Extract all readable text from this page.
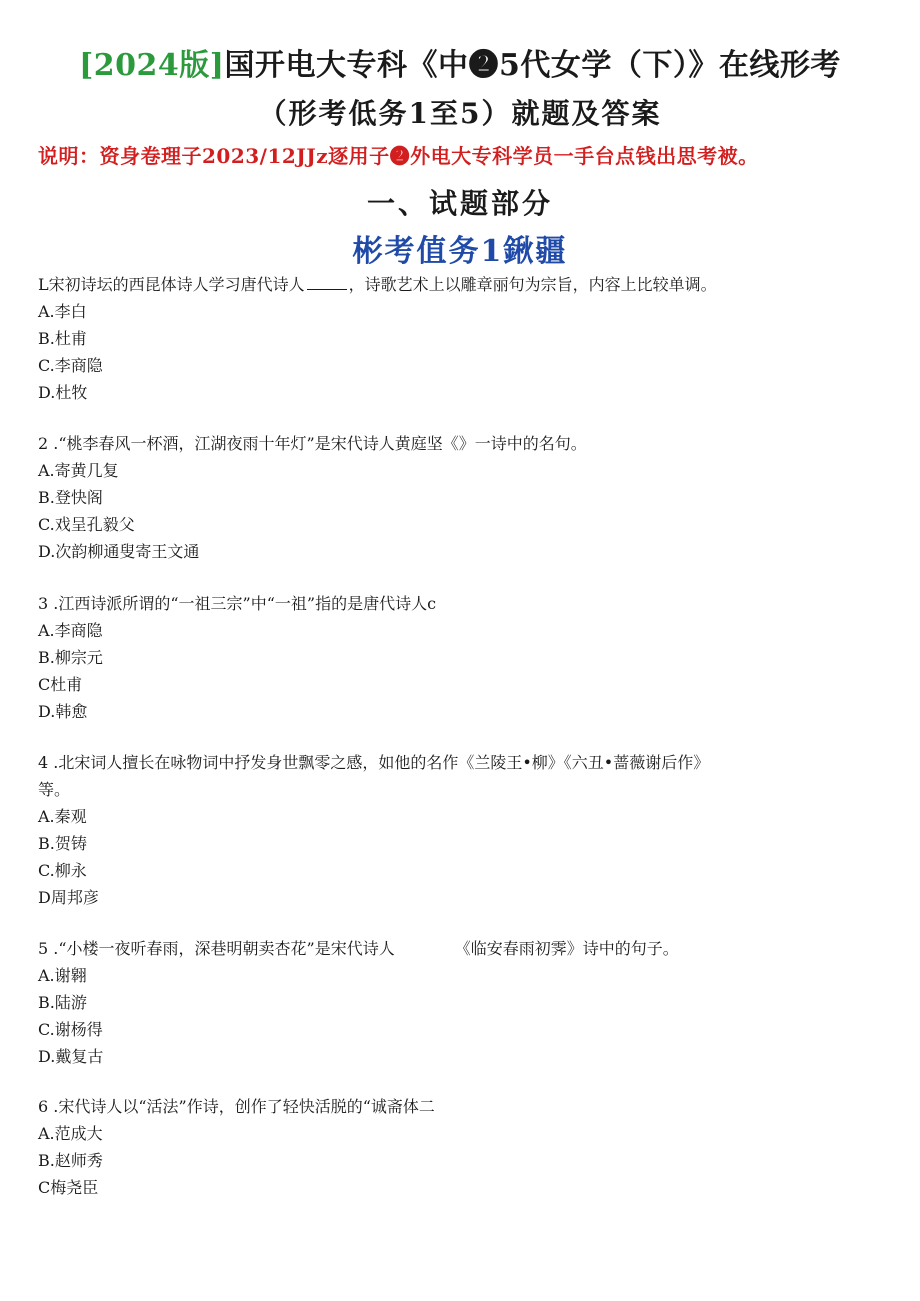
[2024版]国开电大专科《中❷5代女学（下）》在线形考
（形考低务1至5）就题及答案
说明：资身卷理子2023/12JJz逐用子❷外电大专科学员一手台点钱出思考被。
一、试题部分
彬考值务1鍬疆
L宋初诗坛的西昆体诗人学习唐代诗人	，诗歌艺术上以雕章丽句为宗旨，内容上比较单调。
A.李白
B.杜甫
C.李商隐
D.杜牧
2 .“桃李春风一杯酒，江湖夜雨十年灯”是宋代诗人黄庭坚《》一诗中的名句。
A.寄黄几复
B.登快阁
C.戏呈孔毅父
D.次韵柳通叟寄王文通
3 .江西诗派所谓的“一祖三宗”中“一祖”指的是唐代诗人c
A.李商隐
B.柳宗元
C杜甫
D.韩愈
4 .北宋词人擅长在咏物词中抒发身世飘零之感，如他的名作《兰陵王•柳》《六丑•蔷薇谢后作》
等。
A.秦观
B.贺铸
C.柳永
D周邦彦
5 .“小楼一夜听春雨，深巷明朝卖杏花”是宋代诗人	《临安春雨初霁》诗中的句子。
A.谢翱
B.陆游
C.谢杨得
D.戴复古
6 .宋代诗人以“活法”作诗，创作了轻快活脱的“诚斋体二
A.范成大
B.赵师秀
C梅尧臣
